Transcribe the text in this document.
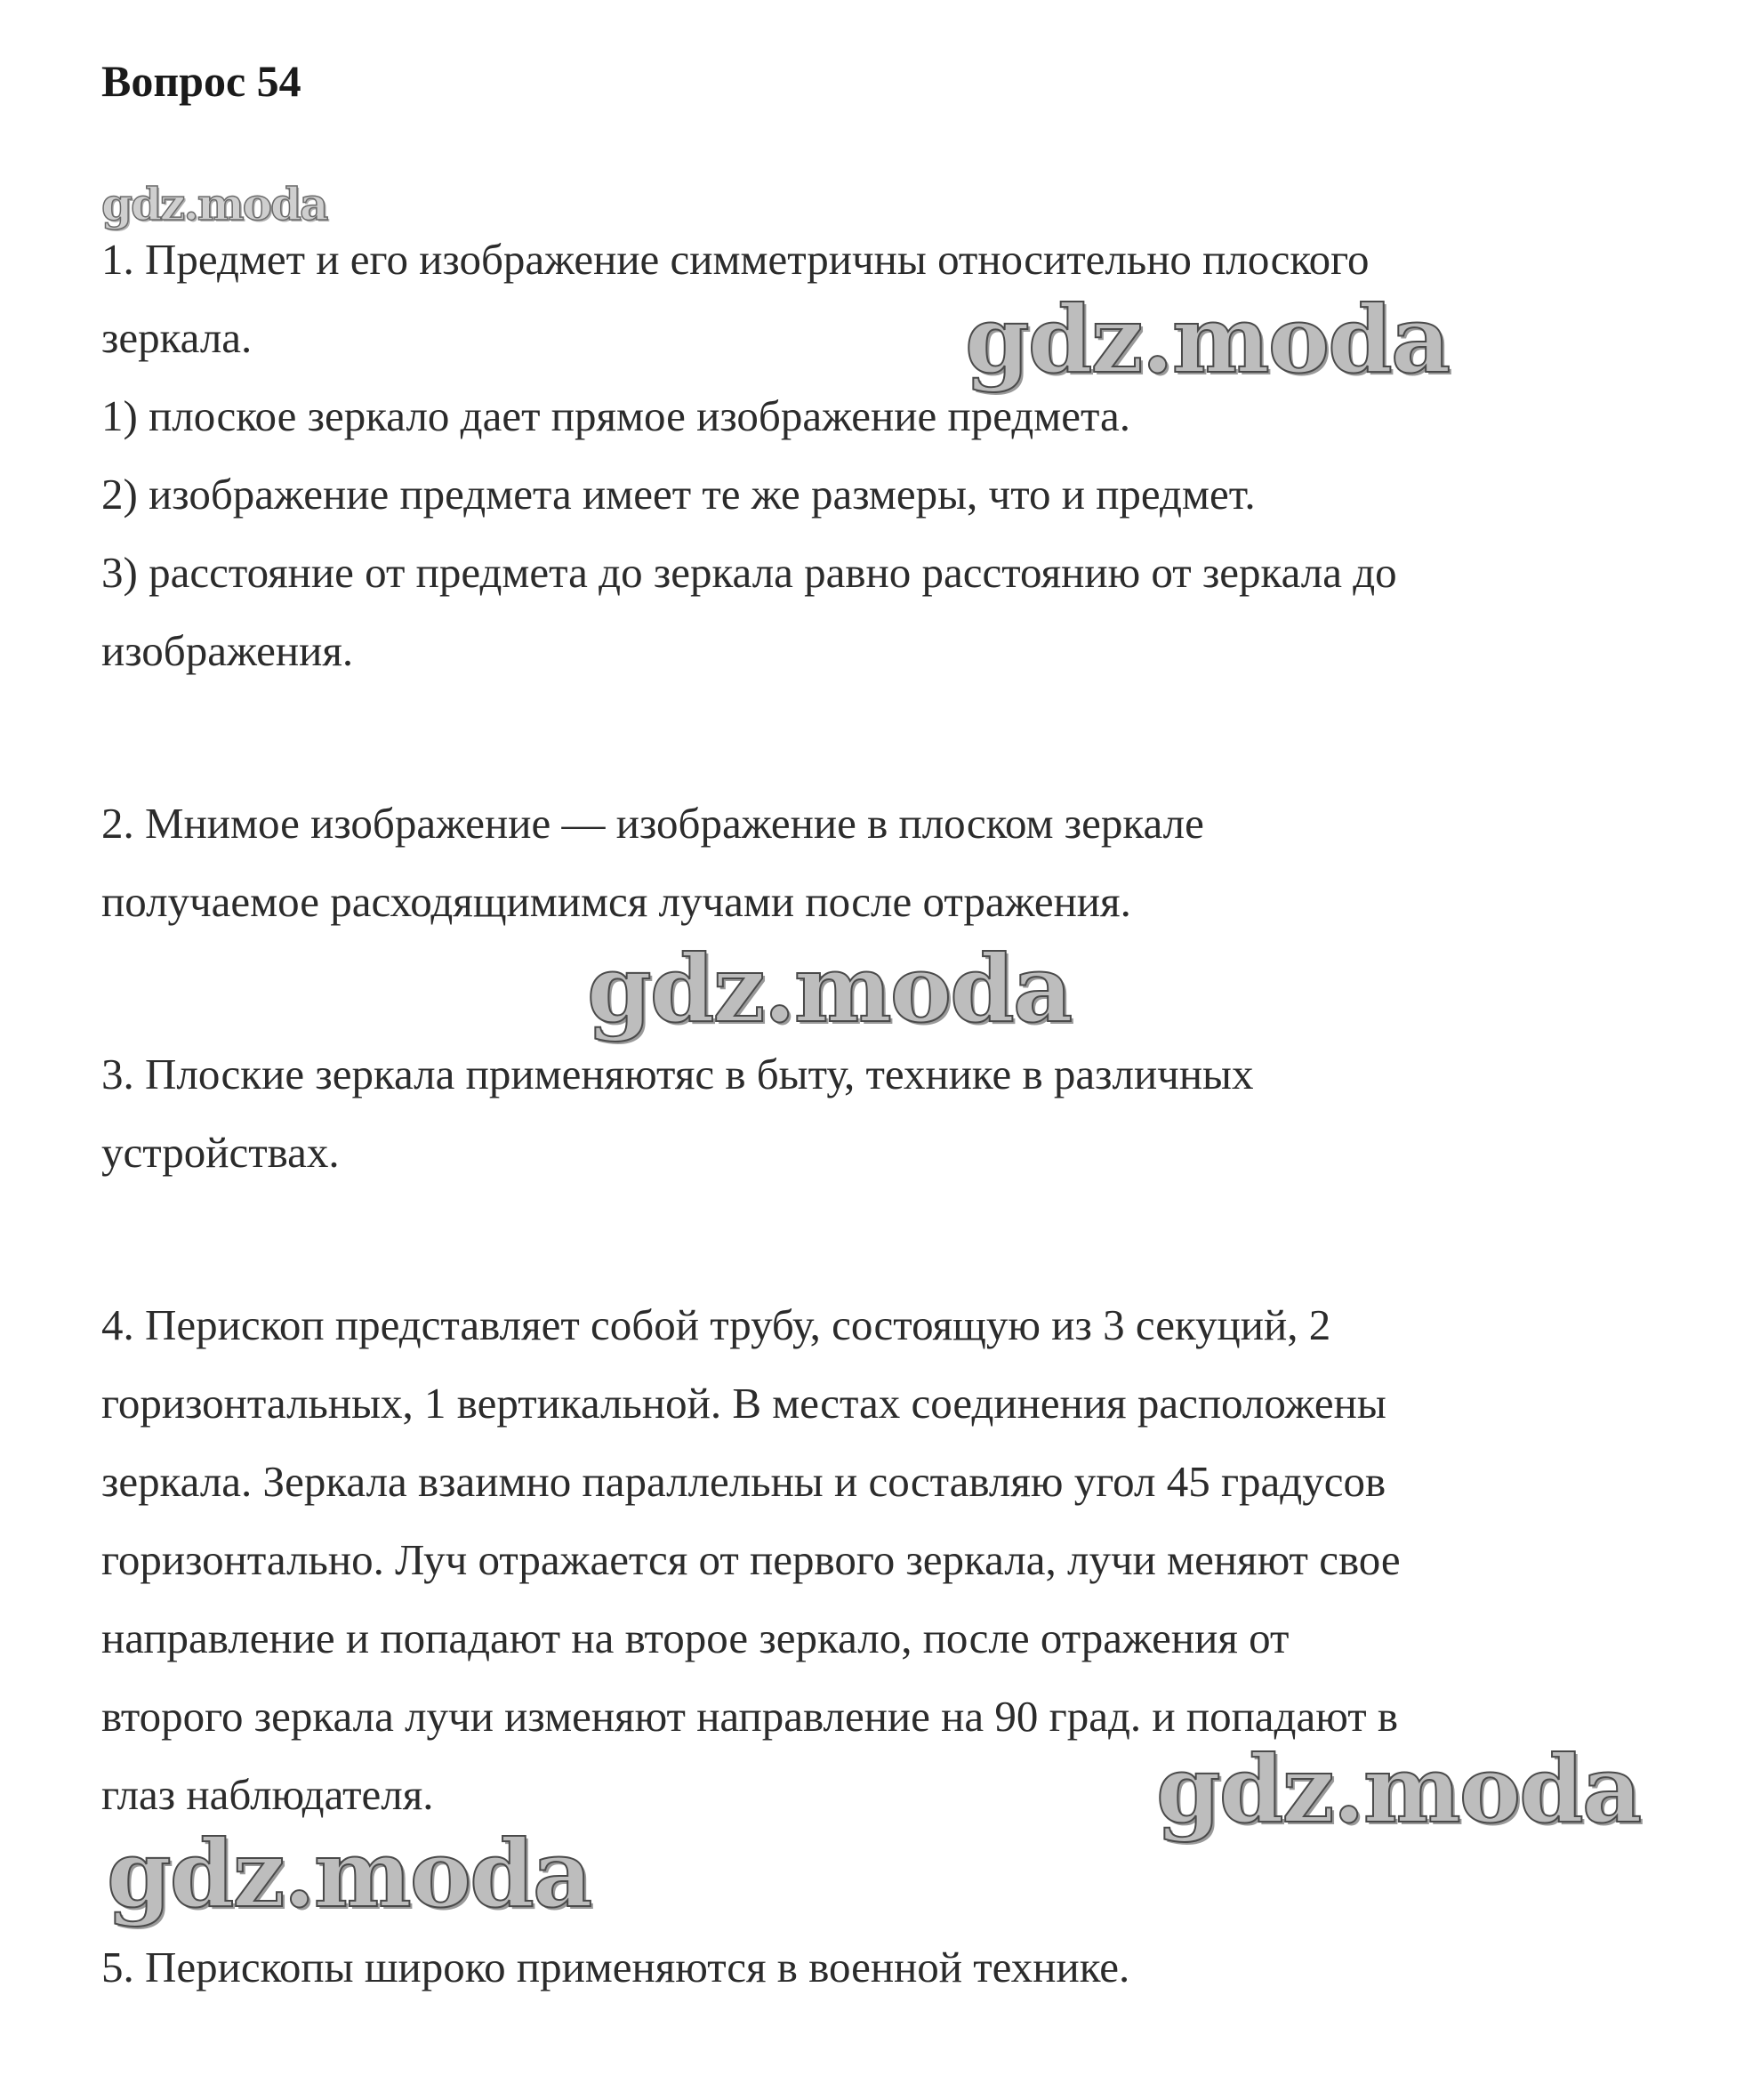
Вопрос 54
gdz.moda
gdz.moda
gdz.moda
gdz.moda
gdz.moda

1. Предмет и его изображение симметричны относительно плоского

зеркала.

1) плоское зеркало дает прямое изображение предмета.

2) изображение предмета имеет те же размеры, что и предмет.

3) расстояние от предмета до зеркала равно расстоянию от зеркала до

изображения.

2. Мнимое изображение — изображение в плоском зеркале

получаемое расходящимимся лучами после отражения.

3. Плоские зеркала применяютяс в быту, технике в различных

устройствах.

4. Перископ представляет собой трубу, состоящую из 3 секуций, 2

горизонтальных, 1 вертикальной. В местах соединения расположены

зеркала. Зеркала взаимно параллельны и составляю угол 45 градусов

горизонтально. Луч отражается от первого зеркала, лучи меняют свое

направление и попадают на второе зеркало, после отражения от

второго зеркала лучи изменяют направление на 90 град. и попадают в

глаз наблюдателя.

5. Перископы широко применяются в военной технике.
